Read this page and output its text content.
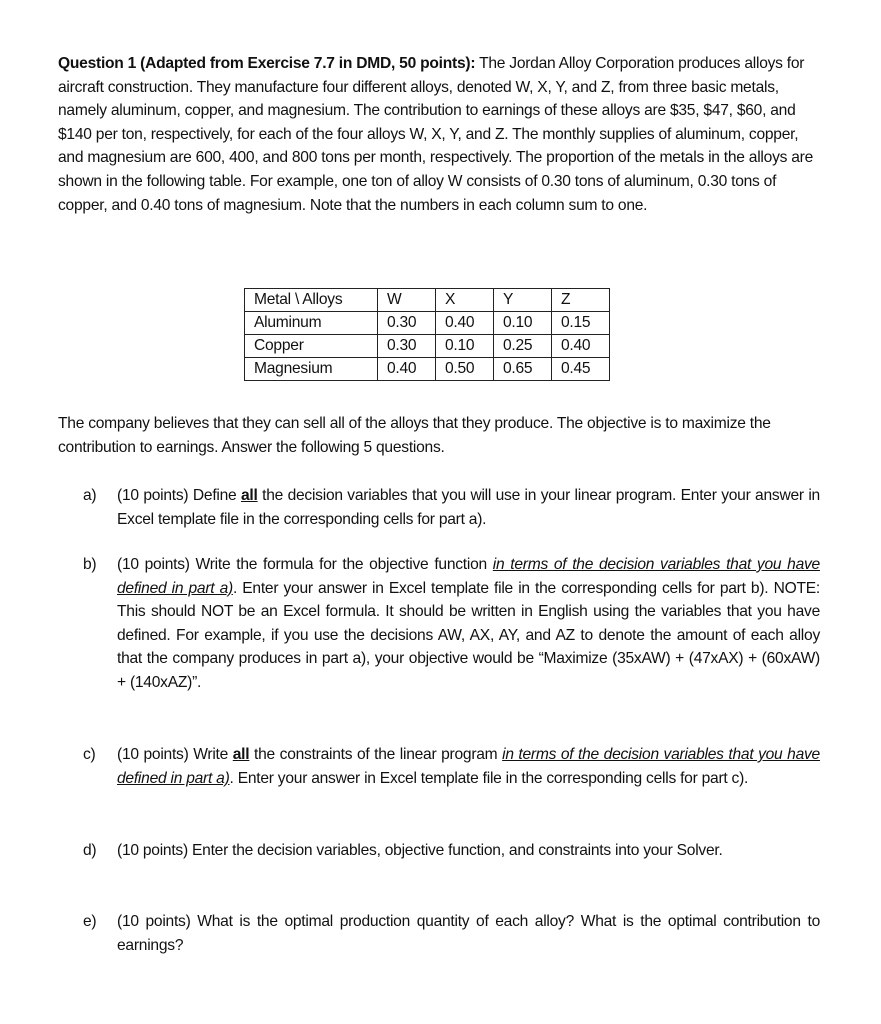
Question 1 (Adapted from Exercise 7.7 in DMD, 50 points): The Jordan Alloy Corporation produces alloys for aircraft construction. They manufacture four different alloys, denoted W, X, Y, and Z, from three basic metals, namely aluminum, copper, and magnesium. The contribution to earnings of these alloys are $35, $47, $60, and $140 per ton, respectively, for each of the four alloys W, X, Y, and Z. The monthly supplies of aluminum, copper, and magnesium are 600, 400, and 800 tons per month, respectively. The proportion of the metals in the alloys are shown in the following table. For example, one ton of alloy W consists of 0.30 tons of aluminum, 0.30 tons of copper, and 0.40 tons of magnesium. Note that the numbers in each column sum to one.
Metal \ Alloys	W	X	Y	Z
Aluminum	0.30	0.40	0.10	0.15
Copper	0.30	0.10	0.25	0.40
Magnesium	0.40	0.50	0.65	0.45
The company believes that they can sell all of the alloys that they produce. The objective is to maximize the contribution to earnings. Answer the following 5 questions.
a) (10 points) Define all the decision variables that you will use in your linear program. Enter your answer in Excel template file in the corresponding cells for part a).
b) (10 points) Write the formula for the objective function in terms of the decision variables that you have defined in part a). Enter your answer in Excel template file in the corresponding cells for part b). NOTE: This should NOT be an Excel formula. It should be written in English using the variables that you have defined. For example, if you use the decisions AW, AX, AY, and AZ to denote the amount of each alloy that the company produces in part a), your objective would be “Maximize (35xAW) + (47xAX) + (60xAW) + (140xAZ)”.
c) (10 points) Write all the constraints of the linear program in terms of the decision variables that you have defined in part a). Enter your answer in Excel template file in the corresponding cells for part c).
d) (10 points) Enter the decision variables, objective function, and constraints into your Solver.
e) (10 points) What is the optimal production quantity of each alloy? What is the optimal contribution to earnings?
